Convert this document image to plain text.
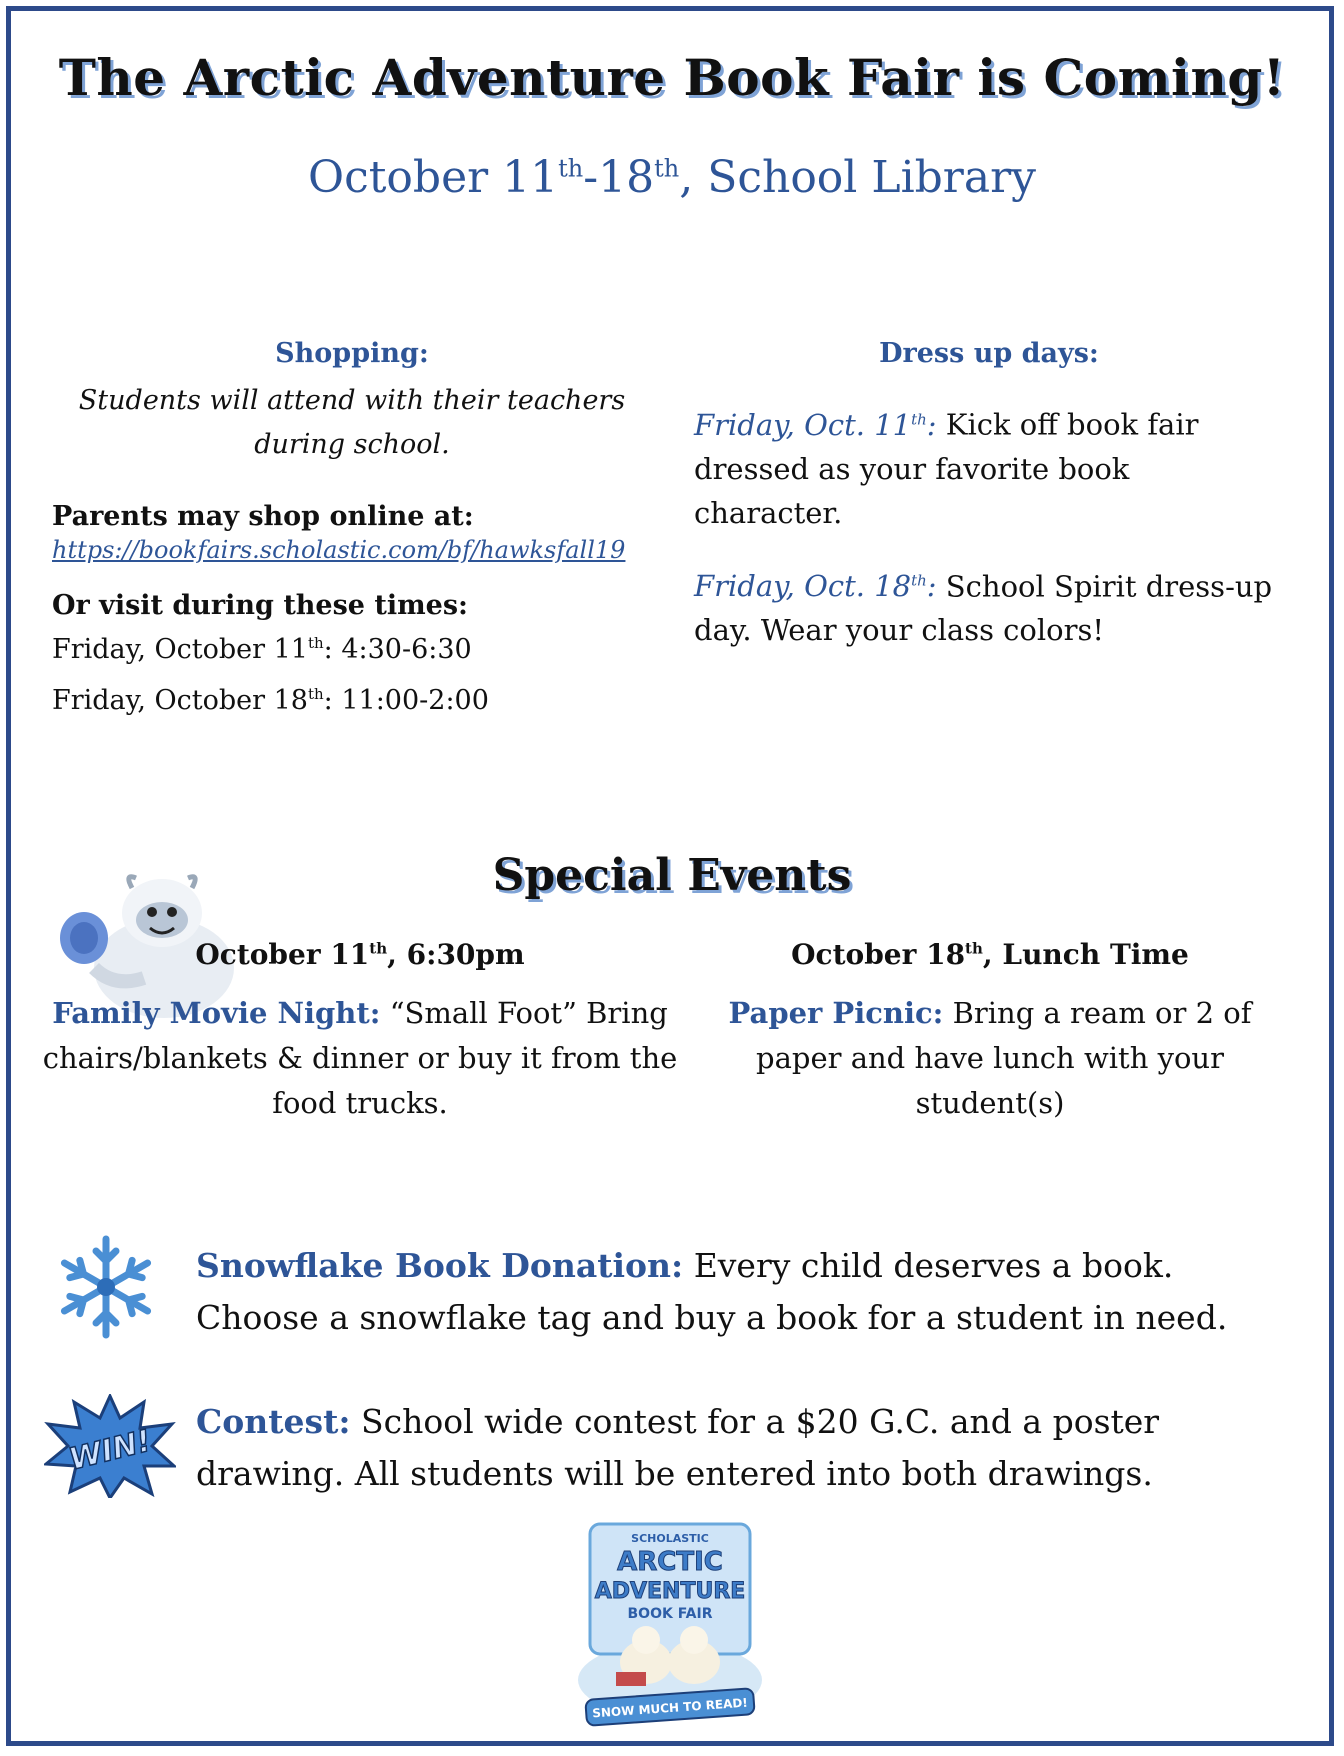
The Arctic Adventure Book Fair is Coming!
October 11th-18th, School Library

Shopping:

Students will attend with their teachers during school.

Parents may shop online at:

https://bookfairs.scholastic.com/bf/hawksfall19

Or visit during these times:

Friday, October 11th: 4:30-6:30

Friday, October 18th: 11:00-2:00

Dress up days:

Friday, Oct. 11th: Kick off book fair dressed as your favorite book character.

Friday, Oct. 18th: School Spirit dress-up day. Wear your class colors!

Special Events

October 11th, 6:30pm

Family Movie Night: “Small Foot” Bring chairs/blankets & dinner or buy it from the food trucks.

October 18th, Lunch Time

Paper Picnic: Bring a ream or 2 of paper and have lunch with your student(s)

Snowflake Book Donation: Every child deserves a book. Choose a snowflake tag and buy a book for a student in need.
WIN!
Contest: School wide contest for a $20 G.C. and a poster drawing. All students will be entered into both drawings.
SCHOLASTIC
ARCTIC
ADVENTURE
BOOK FAIR
SNOW MUCH TO READ!
